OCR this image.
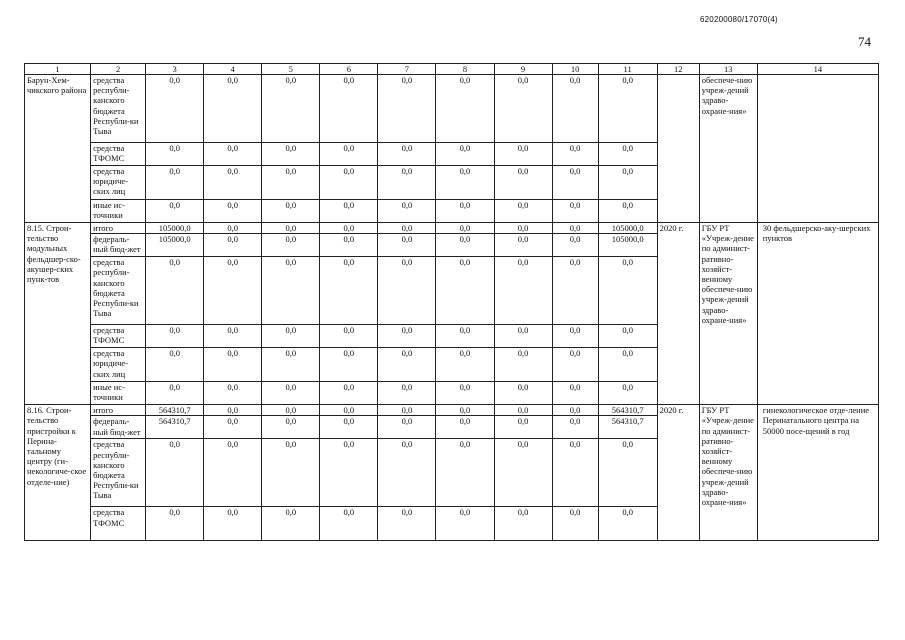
620200080/17070(4)
74
1	2	3	4	5	6	7	8	9	10	11	12	13	14
Барун-Хем-чикского района	средства республи-канского бюджета Республи-ки Тыва	0,0	0,0	0,0	0,0	0,0	0,0	0,0	0,0	0,0		обеспече-нию учреж-дений здраво-охране-ния»	
	средства ТФОМС	0,0	0,0	0,0	0,0	0,0	0,0	0,0	0,0	0,0			
	средства юридиче-ских лиц	0,0	0,0	0,0	0,0	0,0	0,0	0,0	0,0	0,0			
	иные ис-точники	0,0	0,0	0,0	0,0	0,0	0,0	0,0	0,0	0,0			
8.15. Строи-тельство модульных фельдшер-ско-акушер-ских пунк-тов	итого	105000,0	0,0	0,0	0,0	0,0	0,0	0,0	0,0	105000,0	2020 г.	ГБУ РТ «Учреж-дение по админист-ративно-хозяйст-венному обеспече-нию учреж-дений здраво-охране-ния»	30 фельдшерско-аку-шерских пунктов
	федераль-ный бюд-жет	105000,0	0,0	0,0	0,0	0,0	0,0	0,0	0,0	105000,0			
	средства республи-канского бюджета Республи-ки Тыва	0,0	0,0	0,0	0,0	0,0	0,0	0,0	0,0	0,0			
	средства ТФОМС	0,0	0,0	0,0	0,0	0,0	0,0	0,0	0,0	0,0			
	средства юридиче-ских лиц	0,0	0,0	0,0	0,0	0,0	0,0	0,0	0,0	0,0			
	иные ис-точники	0,0	0,0	0,0	0,0	0,0	0,0	0,0	0,0	0,0			
8.16. Строи-тельство пристройки к Перина-тальному центру (ги-некологиче-ское отделе-ние)	итого	564310,7	0,0	0,0	0,0	0,0	0,0	0,0	0,0	564310,7	2020 г.	ГБУ РТ «Учреж-дение по админист-ративно-хозяйст-венному обеспече-нию учреж-дений здраво-охране-ния»	гинекологическое отде-ление Перинатального центра на 50000 посе-щений в год
	федераль-ный бюд-жет	564310,7	0,0	0,0	0,0	0,0	0,0	0,0	0,0	564310,7			
	средства республи-канского бюджета Республи-ки Тыва	0,0	0,0	0,0	0,0	0,0	0,0	0,0	0,0	0,0			
	средства ТФОМС	0,0	0,0	0,0	0,0	0,0	0,0	0,0	0,0	0,0			
